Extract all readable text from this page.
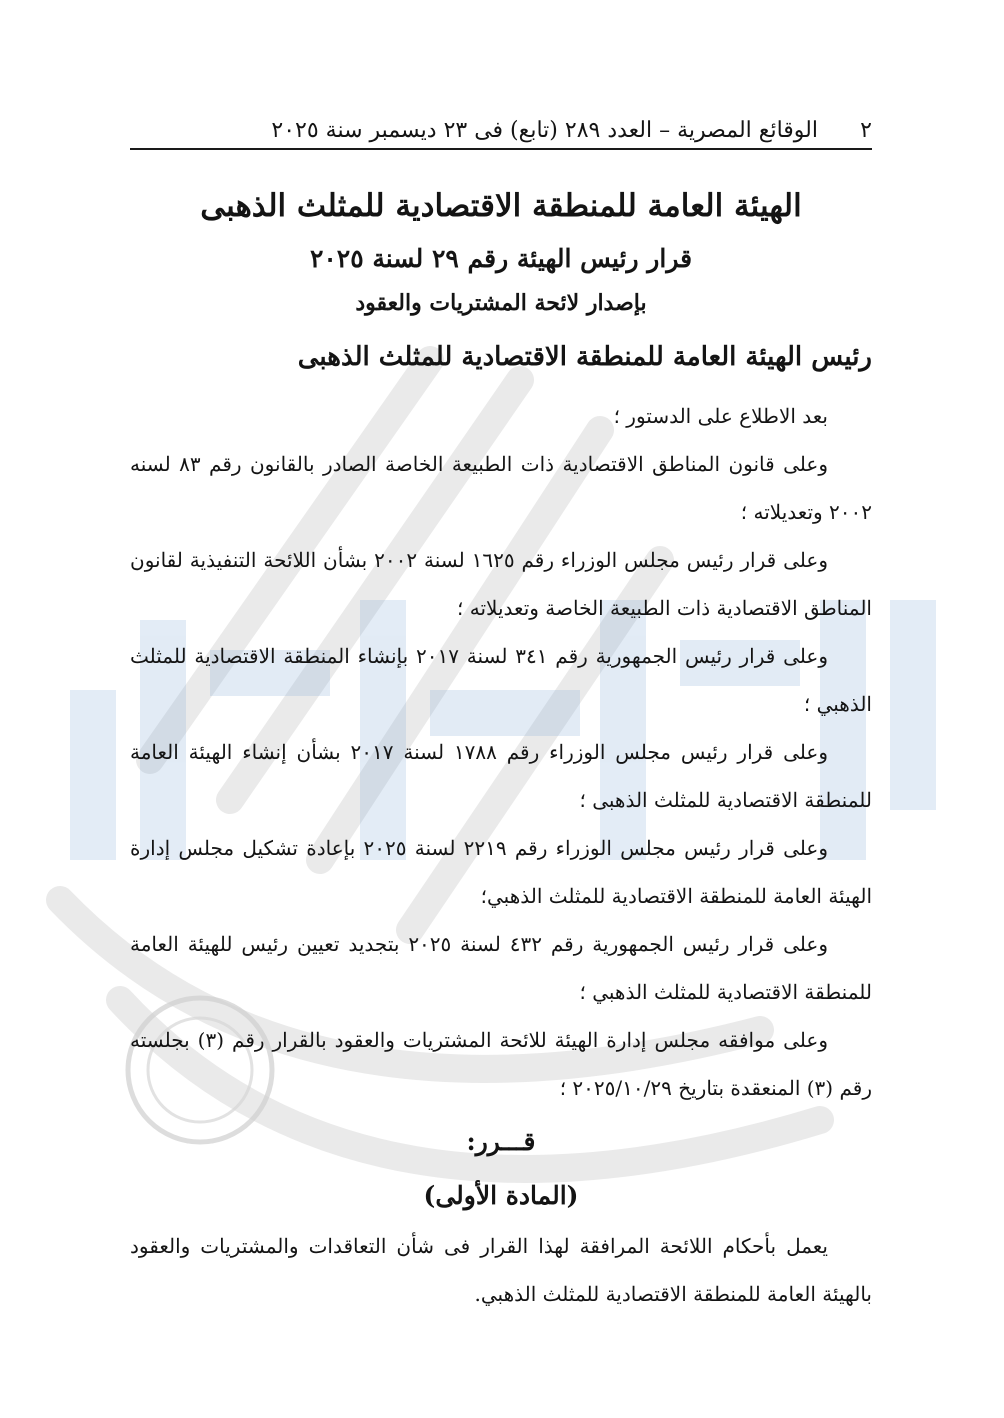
٢
الوقائع المصرية – العدد ٢٨٩ (تابع) فى ٢٣ ديسمبر سنة ٢٠٢٥
الهيئة العامة للمنطقة الاقتصادية للمثلث الذهبى
قرار رئيس الهيئة رقم ٢٩ لسنة ٢٠٢٥
بإصدار لائحة المشتريات والعقود
رئيس الهيئة العامة للمنطقة الاقتصادية للمثلث الذهبى

بعد الاطلاع على الدستور ؛

وعلى قانون المناطق الاقتصادية ذات الطبيعة الخاصة الصادر بالقانون رقم ٨٣ لسنه ٢٠٠٢ وتعديلاته ؛

وعلى قرار رئيس مجلس الوزراء رقم ١٦٢٥ لسنة ٢٠٠٢ بشأن اللائحة التنفيذية لقانون المناطق الاقتصادية ذات الطبيعة الخاصة وتعديلاته ؛

وعلى قرار رئيس الجمهورية رقم ٣٤١ لسنة ٢٠١٧ بإنشاء المنطقة الاقتصادية للمثلث الذهبي ؛

وعلى قرار رئيس مجلس الوزراء رقم ١٧٨٨ لسنة ٢٠١٧ بشأن إنشاء الهيئة العامة للمنطقة الاقتصادية للمثلث الذهبى ؛

وعلى قرار رئيس مجلس الوزراء رقم ٢٢١٩ لسنة ٢٠٢٥ بإعادة تشكيل مجلس إدارة الهيئة العامة للمنطقة الاقتصادية للمثلث الذهبي؛

وعلى قرار رئيس الجمهورية رقم ٤٣٢ لسنة ٢٠٢٥ بتجديد تعيين رئيس للهيئة العامة للمنطقة الاقتصادية للمثلث الذهبي ؛

وعلى موافقه مجلس إدارة الهيئة للائحة المشتريات والعقود بالقرار رقم (٣) بجلسته رقم (٣) المنعقدة بتاريخ ٢٠٢٥/١٠/٢٩ ؛

قـــرر:
(المادة الأولى)

يعمل بأحكام اللائحة المرافقة لهذا القرار فى شأن التعاقدات والمشتريات والعقود بالهيئة العامة للمنطقة الاقتصادية للمثلث الذهبي.
